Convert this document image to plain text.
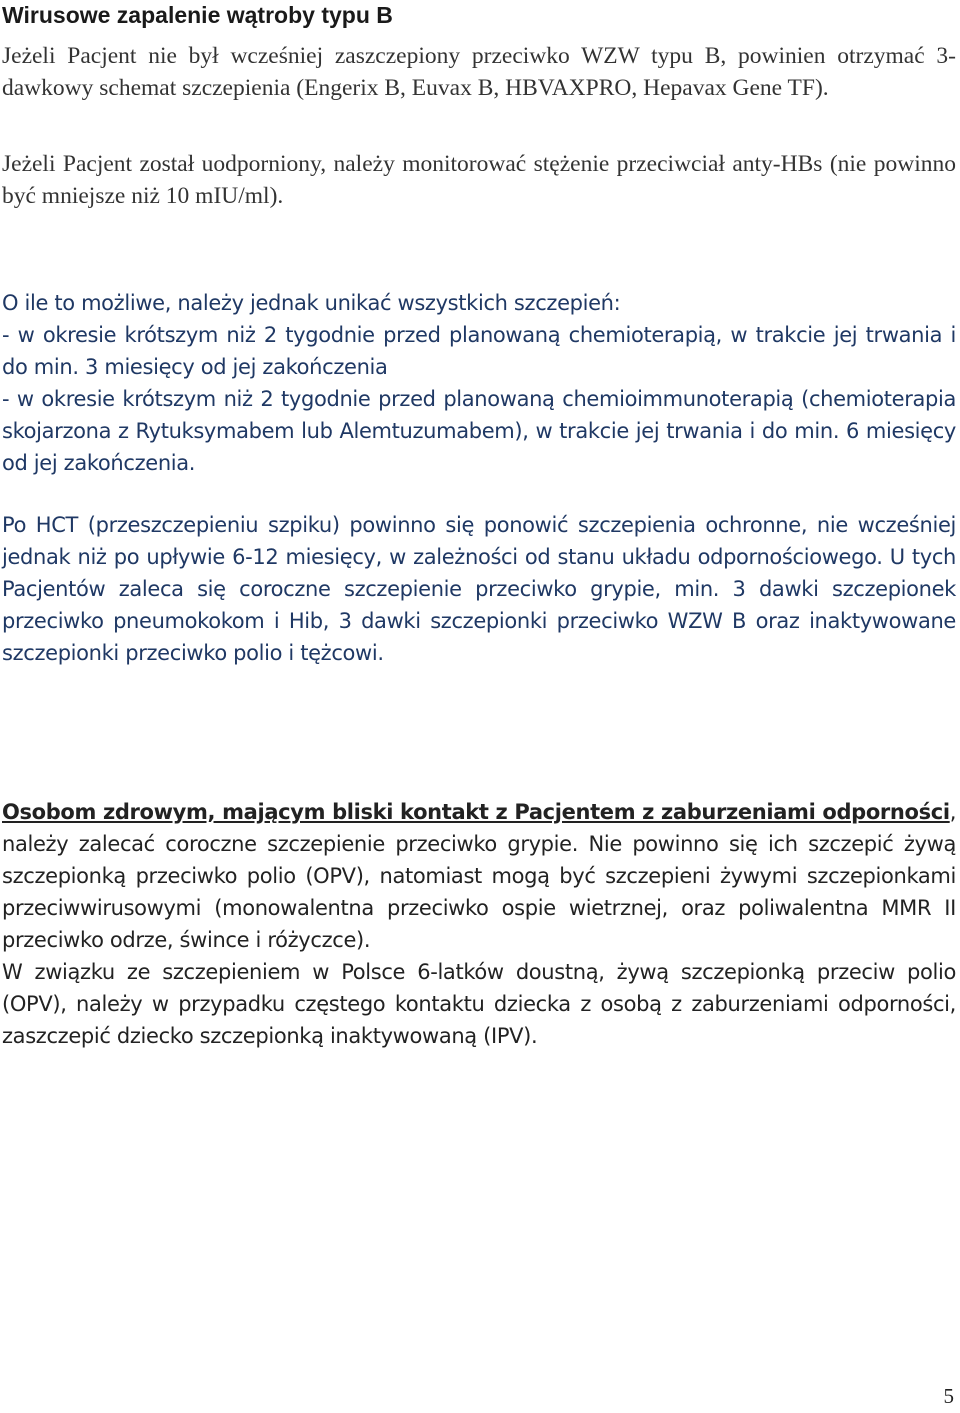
Wirusowe zapalenie wątroby typu B

Jeżeli Pacjent nie był wcześniej zaszczepiony przeciwko WZW typu B, powinien otrzymać 3-dawkowy schemat szczepienia (Engerix B, Euvax B, HBVAXPRO, Hepavax Gene TF).

Jeżeli Pacjent został uodporniony, należy monitorować stężenie przeciwciał anty-HBs (nie powinno być mniejsze niż 10 mIU/ml).

O ile to możliwe, należy jednak unikać wszystkich szczepień:
- w okresie krótszym niż 2 tygodnie przed planowaną chemioterapią, w trakcie jej trwania i do min. 3 miesięcy od jej zakończenia
- w okresie krótszym niż 2 tygodnie przed planowaną chemioimmunoterapią (chemioterapia skojarzona z Rytuksymabem lub Alemtuzumabem), w trakcie jej trwania i do min. 6 miesięcy od jej zakończenia.

Po HCT (przeszczepieniu szpiku) powinno się ponowić szczepienia ochronne, nie wcześniej jednak niż po upływie 6-12 miesięcy, w zależności od stanu układu odpornościowego. U tych Pacjentów zaleca się coroczne szczepienie przeciwko grypie, min. 3 dawki szczepionek przeciwko pneumokokom i Hib, 3 dawki szczepionki przeciwko WZW B oraz inaktywowane szczepionki przeciwko polio i tężcowi.

Osobom zdrowym, mającym bliski kontakt z Pacjentem z zaburzeniami odporności, należy zalecać coroczne szczepienie przeciwko grypie. Nie powinno się ich szczepić żywą szczepionką przeciwko polio (OPV), natomiast mogą być szczepieni żywymi szczepionkami przeciwwirusowymi (monowalentna przeciwko ospie wietrznej, oraz poliwalentna MMR II przeciwko odrze, śwince i różyczce).
W związku ze szczepieniem w Polsce 6-latków doustną, żywą szczepionką przeciw polio (OPV), należy w przypadku częstego kontaktu dziecka z osobą z zaburzeniami odporności, zaszczepić dziecko szczepionką inaktywowaną (IPV).
5
